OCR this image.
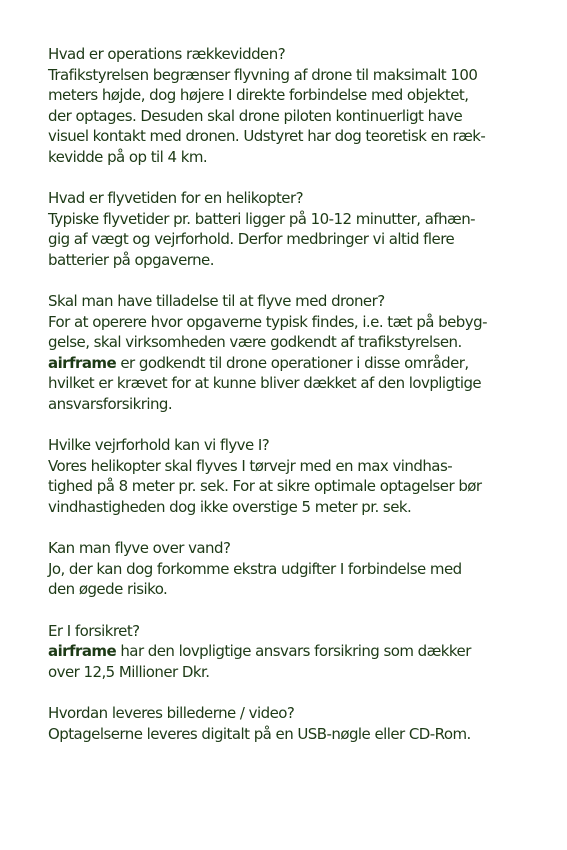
Hvad er operations rækkevidden?
Trafikstyrelsen begrænser flyvning af drone til maksimalt 100
meters højde, dog højere I direkte forbindelse med objektet,
der optages. Desuden skal drone piloten kontinuerligt have
visuel kontakt med dronen. Udstyret har dog teoretisk en ræk-
kevidde på op til 4 km.
Hvad er flyvetiden for en helikopter?
Typiske flyvetider pr. batteri ligger på 10-12 minutter, afhæn-
gig af vægt og vejrforhold. Derfor medbringer vi altid flere
batterier på opgaverne.
Skal man have tilladelse til at flyve med droner?
For at operere hvor opgaverne typisk findes, i.e. tæt på bebyg-
gelse, skal virksomheden være godkendt af trafikstyrelsen.
airframe er godkendt til drone operationer i disse områder,
hvilket er krævet for at kunne bliver dækket af den lovpligtige
ansvarsforsikring.
Hvilke vejrforhold kan vi flyve I?
Vores helikopter skal flyves I tørvejr med en max vindhas-
tighed på 8 meter pr. sek. For at sikre optimale optagelser bør
vindhastigheden dog ikke overstige 5 meter pr. sek.
Kan man flyve over vand?
Jo, der kan dog forkomme ekstra udgifter I forbindelse med
den øgede risiko.
Er I forsikret?
airframe har den lovpligtige ansvars forsikring som dækker
over 12,5 Millioner Dkr.
Hvordan leveres billederne / video?
Optagelserne leveres digitalt på en USB-nøgle eller CD-Rom.
